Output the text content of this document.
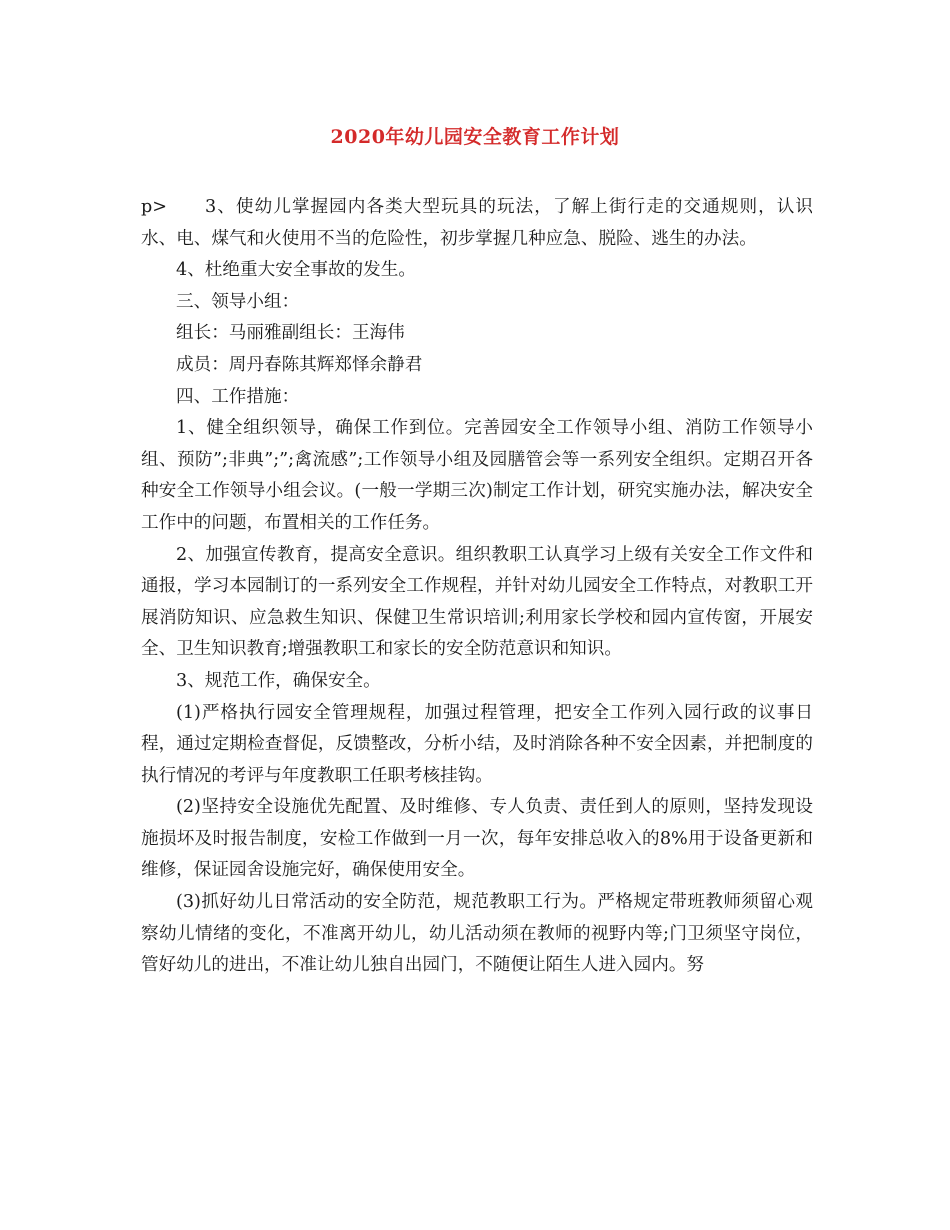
2020年幼儿园安全教育工作计划

p> 3、使幼儿掌握园内各类大型玩具的玩法，了解上街行走的交通规则，认识水、电、煤气和火使用不当的危险性，初步掌握几种应急、脱险、逃生的办法。

4、杜绝重大安全事故的发生。

三、领导小组：

组长：马丽雅副组长：王海伟

成员：周丹春陈其辉郑怿余静君

四、工作措施：

1、健全组织领导，确保工作到位。完善园安全工作领导小组、消防工作领导小组、预防”;非典”;”;禽流感”;工作领导小组及园膳管会等一系列安全组织。定期召开各种安全工作领导小组会议。(一般一学期三次)制定工作计划，研究实施办法，解决安全工作中的问题，布置相关的工作任务。

2、加强宣传教育，提高安全意识。组织教职工认真学习上级有关安全工作文件和通报，学习本园制订的一系列安全工作规程，并针对幼儿园安全工作特点，对教职工开展消防知识、应急救生知识、保健卫生常识培训;利用家长学校和园内宣传窗，开展安全、卫生知识教育;增强教职工和家长的安全防范意识和知识。

3、规范工作，确保安全。

(1)严格执行园安全管理规程，加强过程管理，把安全工作列入园行政的议事日程，通过定期检查督促，反馈整改，分析小结，及时消除各种不安全因素，并把制度的执行情况的考评与年度教职工任职考核挂钩。

(2)坚持安全设施优先配置、及时维修、专人负责、责任到人的原则，坚持发现设施损坏及时报告制度，安检工作做到一月一次，每年安排总收入的8%用于设备更新和维修，保证园舍设施完好，确保使用安全。

(3)抓好幼儿日常活动的安全防范，规范教职工行为。严格规定带班教师须留心观察幼儿情绪的变化，不准离开幼儿，幼儿活动须在教师的视野内等;门卫须坚守岗位，管好幼儿的进出，不准让幼儿独自出园门，不随便让陌生人进入园内。努
